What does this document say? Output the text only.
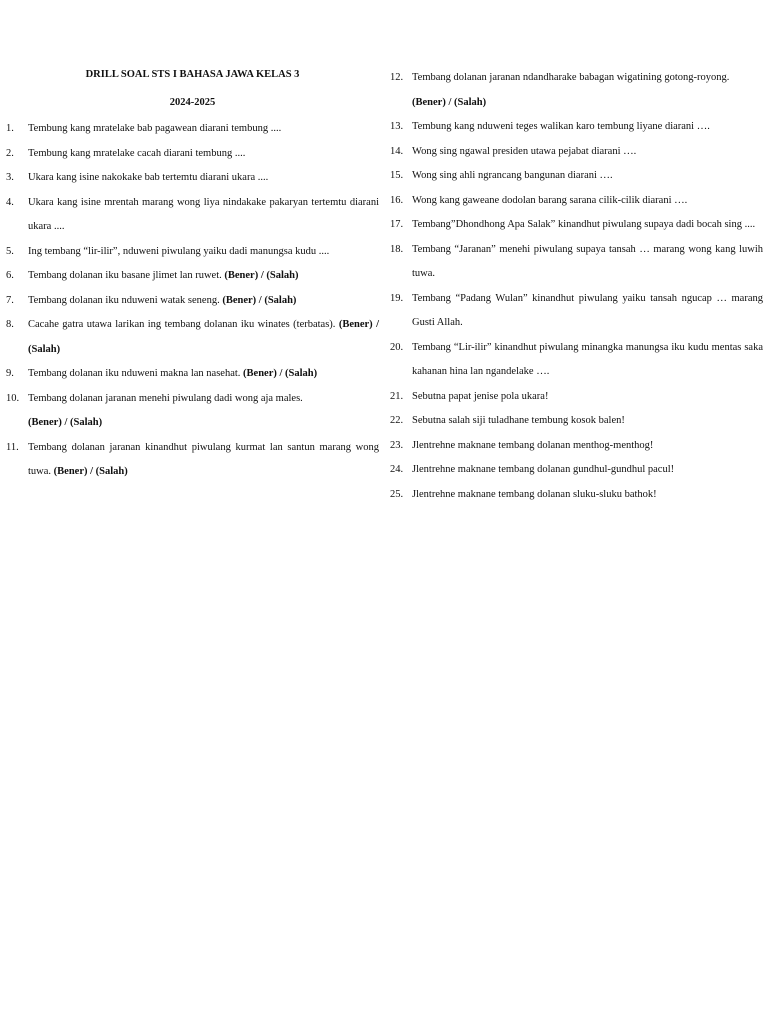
DRILL SOAL STS I BAHASA JAWA KELAS 3
2024-2025
1. Tembung kang mratelake bab pagawean diarani tembung ....
2. Tembung kang mratelake cacah diarani tembung ....
3. Ukara kang isine nakokake bab tertemtu diarani ukara ....
4. Ukara kang isine mrentah marang wong liya nindakake pakaryan tertemtu diarani ukara ....
5. Ing tembang “lir-ilir”, nduweni piwulang yaiku dadi manungsa kudu ....
6. Tembang dolanan iku basane jlimet lan ruwet. (Bener) / (Salah)
7. Tembang dolanan iku nduweni watak seneng. (Bener) / (Salah)
8. Cacahe gatra utawa larikan ing tembang dolanan iku winates (terbatas). (Bener) / (Salah)
9. Tembang dolanan iku nduweni makna lan nasehat. (Bener) / (Salah)
10. Tembang dolanan jaranan menehi piwulang dadi wong aja males.
(Bener) / (Salah)
11. Tembang dolanan jaranan kinandhut piwulang kurmat lan santun marang wong tuwa. (Bener) / (Salah)
12. Tembang dolanan jaranan ndandharake babagan wigatining gotong-royong.
(Bener) / (Salah)
13. Tembung kang nduweni teges walikan karo tembung liyane diarani ….
14. Wong sing ngawal presiden utawa pejabat diarani ….
15. Wong sing ahli ngrancang bangunan diarani ….
16. Wong kang gaweane dodolan barang sarana cilik-cilik diarani ….
17. Tembang”Dhondhong Apa Salak” kinandhut piwulang supaya dadi bocah sing ....
18. Tembang “Jaranan” menehi piwulang supaya tansah … marang wong kang luwih tuwa.
19. Tembang “Padang Wulan” kinandhut piwulang yaiku tansah ngucap … marang Gusti Allah.
20. Tembang “Lir-ilir” kinandhut piwulang minangka manungsa iku kudu mentas saka kahanan hina lan ngandelake ….
21. Sebutna papat jenise pola ukara!
22. Sebutna salah siji tuladhane tembung kosok balen!
23. Jlentrehne maknane tembang dolanan menthog-menthog!
24. Jlentrehne maknane tembang dolanan gundhul-gundhul pacul!
25. Jlentrehne maknane tembang dolanan sluku-sluku bathok!
